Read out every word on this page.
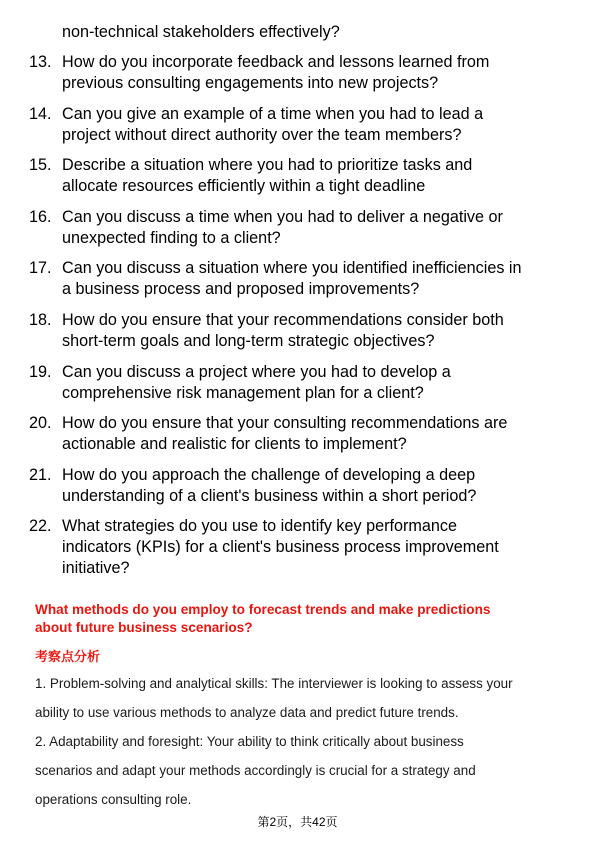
non-technical stakeholders effectively?
13. How do you incorporate feedback and lessons learned from
previous consulting engagements into new projects?
14. Can you give an example of a time when you had to lead a
project without direct authority over the team members?
15. Describe a situation where you had to prioritize tasks and
allocate resources efficiently within a tight deadline
16. Can you discuss a time when you had to deliver a negative or
unexpected finding to a client?
17. Can you discuss a situation where you identified inefficiencies in
a business process and proposed improvements?
18. How do you ensure that your recommendations consider both
short-term goals and long-term strategic objectives?
19. Can you discuss a project where you had to develop a
comprehensive risk management plan for a client?
20. How do you ensure that your consulting recommendations are
actionable and realistic for clients to implement?
21. How do you approach the challenge of developing a deep
understanding of a client's business within a short period?
22. What strategies do you use to identify key performance
indicators (KPIs) for a client's business process improvement
initiative?
What methods do you employ to forecast trends and make predictions
about future business scenarios?
考察点分析
1. Problem-solving and analytical skills: The interviewer is looking to assess your
ability to use various methods to analyze data and predict future trends.
2. Adaptability and foresight: Your ability to think critically about business
scenarios and adapt your methods accordingly is crucial for a strategy and
operations consulting role.
第2页，共42页
